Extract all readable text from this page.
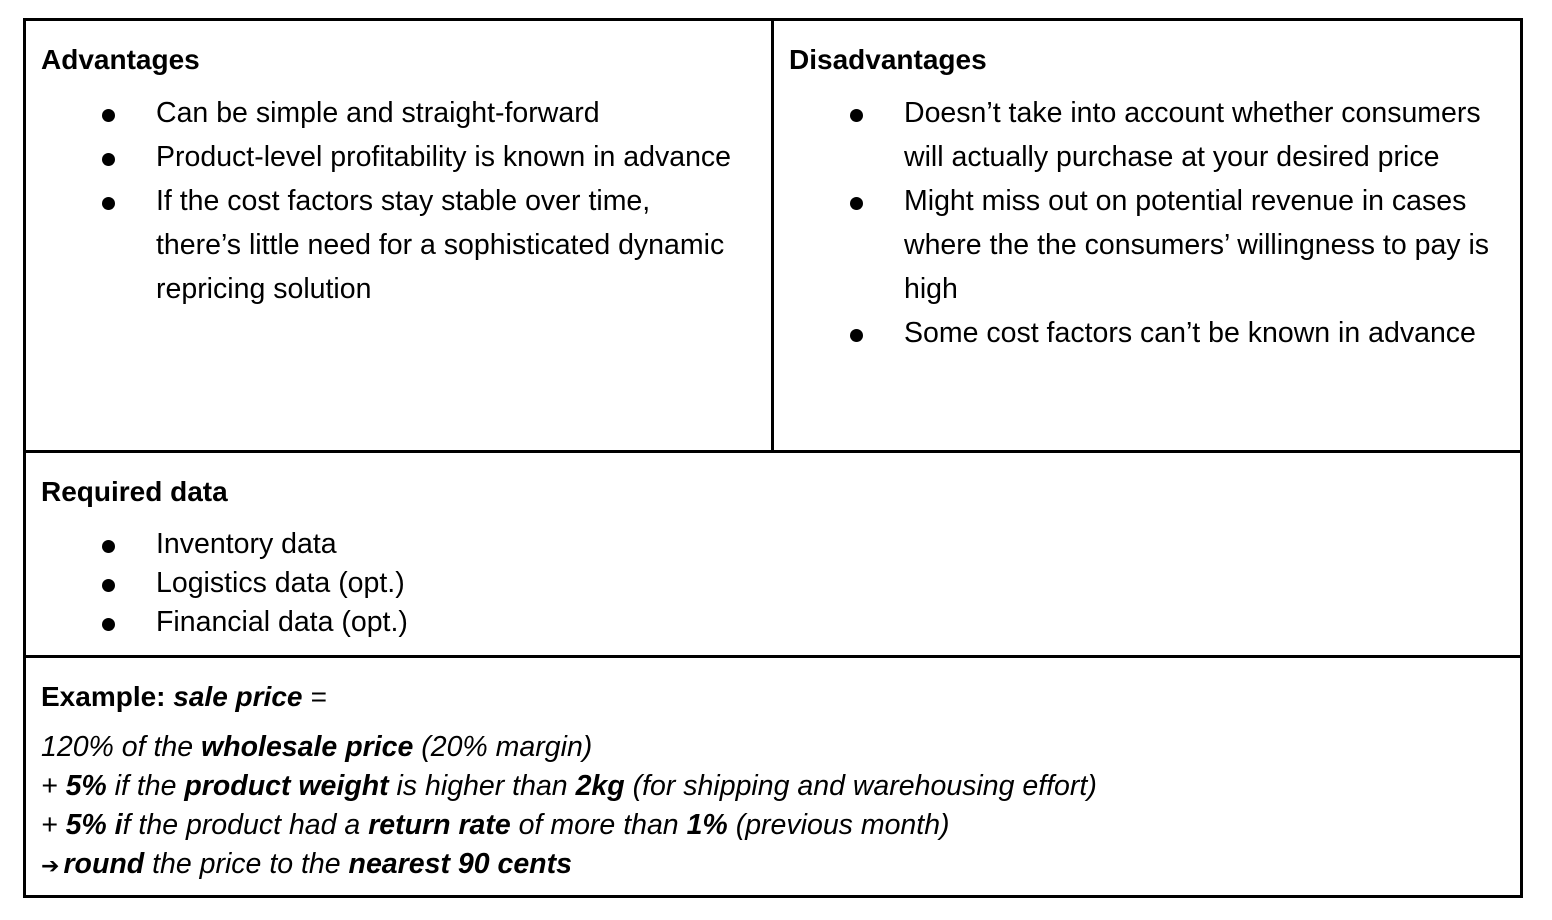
Advantages
Can be simple and straight-forward
Product-level profitability is known in advance
If the cost factors stay stable over time, there’s little need for a sophisticated dynamic repricing solution
Disadvantages
Doesn’t take into account whether consumers will actually purchase at your desired price
Might miss out on potential revenue in cases where the the consumers’ willingness to pay is high
Some cost factors can’t be known in advance
Required data
Inventory data
Logistics data (opt.)
Financial data (opt.)
Example: sale price =
120% of the wholesale price (20% margin)
+ 5% if the product weight is higher than 2kg (for shipping and warehousing effort)
+ 5% if the product had a return rate of more than 1% (previous month)
➔ round the price to the nearest 90 cents
